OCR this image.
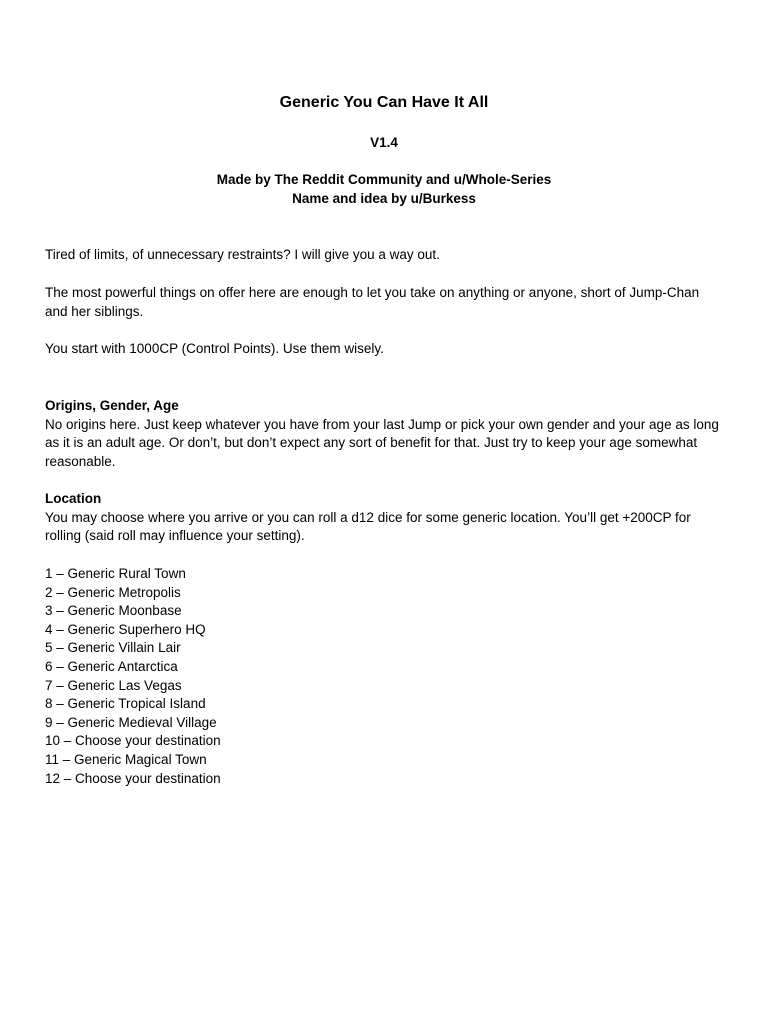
Generic You Can Have It All
V1.4
Made by The Reddit Community and u/Whole-Series
Name and idea by u/Burkess
Tired of limits, of unnecessary restraints? I will give you a way out.
The most powerful things on offer here are enough to let you take on anything or anyone, short of Jump-Chan and her siblings.
You start with 1000CP (Control Points). Use them wisely.
Origins, Gender, Age
No origins here. Just keep whatever you have from your last Jump or pick your own gender and your age as long as it is an adult age. Or don’t, but don’t expect any sort of benefit for that. Just try to keep your age somewhat reasonable.
Location
You may choose where you arrive or you can roll a d12 dice for some generic location. You’ll get +200CP for rolling (said roll may influence your setting).
1 – Generic Rural Town
2 – Generic Metropolis
3 – Generic Moonbase
4 – Generic Superhero HQ
5 – Generic Villain Lair
6 – Generic Antarctica
7 – Generic Las Vegas
8 – Generic Tropical Island
9 – Generic Medieval Village
10 – Choose your destination
11 – Generic Magical Town
12 – Choose your destination
